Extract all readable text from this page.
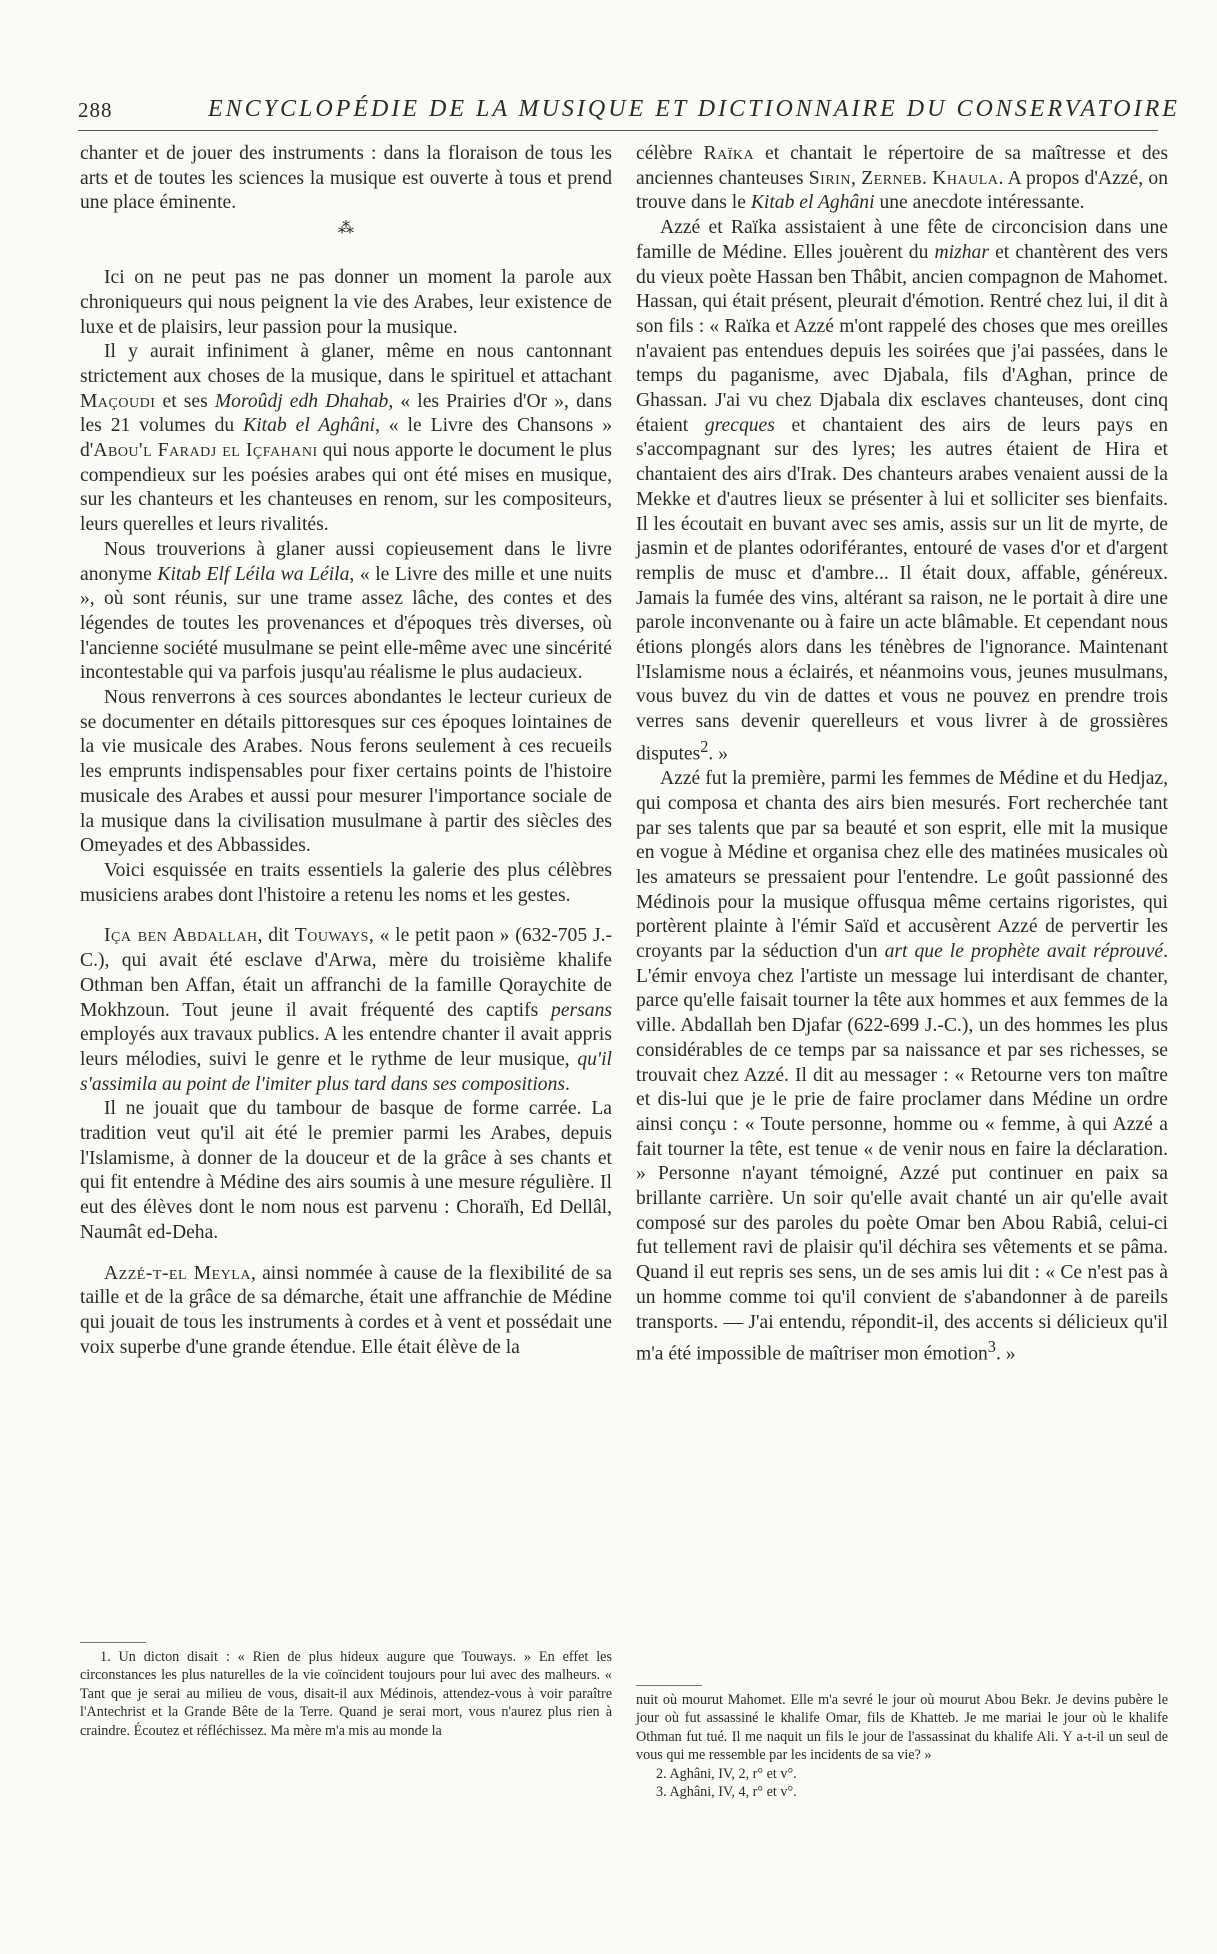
288	ENCYCLOPÉDIE DE LA MUSIQUE ET DICTIONNAIRE DU CONSERVATOIRE

chanter et de jouer des instruments : dans la floraison de tous les arts et de toutes les sciences la musique est ouverte à tous et prend une place éminente.

⁂

Ici on ne peut pas ne pas donner un moment la parole aux chroniqueurs qui nous peignent la vie des Arabes, leur existence de luxe et de plaisirs, leur passion pour la musique.

Il y aurait infiniment à glaner, même en nous cantonnant strictement aux choses de la musique, dans le spirituel et attachant Maçoudi et ses Moroûdj edh Dhahab, « les Prairies d'Or », dans les 21 volumes du Kitab el Aghâni, « le Livre des Chansons » d'Abou'l Faradj el Içfahani qui nous apporte le document le plus compendieux sur les poésies arabes qui ont été mises en musique, sur les chanteurs et les chanteuses en renom, sur les compositeurs, leurs querelles et leurs rivalités.

Nous trouverions à glaner aussi copieusement dans le livre anonyme Kitab Elf Léila wa Léila, « le Livre des mille et une nuits », où sont réunis, sur une trame assez lâche, des contes et des légendes de toutes les provenances et d'époques très diverses, où l'ancienne société musulmane se peint elle-même avec une sincérité incontestable qui va parfois jusqu'au réalisme le plus audacieux.

Nous renverrons à ces sources abondantes le lecteur curieux de se documenter en détails pittoresques sur ces époques lointaines de la vie musicale des Arabes. Nous ferons seulement à ces recueils les emprunts indispensables pour fixer certains points de l'histoire musicale des Arabes et aussi pour mesurer l'importance sociale de la musique dans la civilisation musulmane à partir des siècles des Omeyades et des Abbassides.

Voici esquissée en traits essentiels la galerie des plus célèbres musiciens arabes dont l'histoire a retenu les noms et les gestes.

Iça ben Abdallah, dit Touways, « le petit paon » (632-705 J.-C.), qui avait été esclave d'Arwa, mère du troisième khalife Othman ben Affan, était un affranchi de la famille Qoraychite de Mokhzoun. Tout jeune il avait fréquenté des captifs persans employés aux travaux publics. A les entendre chanter il avait appris leurs mélodies, suivi le genre et le rythme de leur musique, qu'il s'assimila au point de l'imiter plus tard dans ses compositions.

Il ne jouait que du tambour de basque de forme carrée. La tradition veut qu'il ait été le premier parmi les Arabes, depuis l'Islamisme, à donner de la douceur et de la grâce à ses chants et qui fit entendre à Médine des airs soumis à une mesure régulière. Il eut des élèves dont le nom nous est parvenu : Choraïh, Ed Dellâl, Naumât ed-Deha.

Azzé-t-el Meyla, ainsi nommée à cause de la flexibilité de sa taille et de la grâce de sa démarche, était une affranchie de Médine qui jouait de tous les instruments à cordes et à vent et possédait une voix superbe d'une grande étendue. Elle était élève de la

célèbre Raïka et chantait le répertoire de sa maîtresse et des anciennes chanteuses Sirin, Zerneb. Khaula. A propos d'Azzé, on trouve dans le Kitab el Aghâni une anecdote intéressante.

Azzé et Raïka assistaient à une fête de circoncision dans une famille de Médine. Elles jouèrent du mizhar et chantèrent des vers du vieux poète Hassan ben Thâbit, ancien compagnon de Mahomet. Hassan, qui était présent, pleurait d'émotion. Rentré chez lui, il dit à son fils : « Raïka et Azzé m'ont rappelé des choses que mes oreilles n'avaient pas entendues depuis les soirées que j'ai passées, dans le temps du paganisme, avec Djabala, fils d'Aghan, prince de Ghassan. J'ai vu chez Djabala dix esclaves chanteuses, dont cinq étaient grecques et chantaient des airs de leurs pays en s'accompagnant sur des lyres; les autres étaient de Hira et chantaient des airs d'Irak. Des chanteurs arabes venaient aussi de la Mekke et d'autres lieux se présenter à lui et solliciter ses bienfaits. Il les écoutait en buvant avec ses amis, assis sur un lit de myrte, de jasmin et de plantes odoriférantes, entouré de vases d'or et d'argent remplis de musc et d'ambre... Il était doux, affable, généreux. Jamais la fumée des vins, altérant sa raison, ne le portait à dire une parole inconvenante ou à faire un acte blâmable. Et cependant nous étions plongés alors dans les ténèbres de l'ignorance. Maintenant l'Islamisme nous a éclairés, et néanmoins vous, jeunes musulmans, vous buvez du vin de dattes et vous ne pouvez en prendre trois verres sans devenir querelleurs et vous livrer à de grossières disputes$^2$. »

Azzé fut la première, parmi les femmes de Médine et du Hedjaz, qui composa et chanta des airs bien mesurés. Fort recherchée tant par ses talents que par sa beauté et son esprit, elle mit la musique en vogue à Médine et organisa chez elle des matinées musicales où les amateurs se pressaient pour l'entendre. Le goût passionné des Médinois pour la musique offusqua même certains rigoristes, qui portèrent plainte à l'émir Saïd et accusèrent Azzé de pervertir les croyants par la séduction d'un art que le prophète avait réprouvé. L'émir envoya chez l'artiste un message lui interdisant de chanter, parce qu'elle faisait tourner la tête aux hommes et aux femmes de la ville. Abdallah ben Djafar (622-699 J.-C.), un des hommes les plus considérables de ce temps par sa naissance et par ses richesses, se trouvait chez Azzé. Il dit au messager : « Retourne vers ton maître et dis-lui que je le prie de faire proclamer dans Médine un ordre ainsi conçu : « Toute personne, homme ou « femme, à qui Azzé a fait tourner la tête, est tenue « de venir nous en faire la déclaration. » Personne n'ayant témoigné, Azzé put continuer en paix sa brillante carrière. Un soir qu'elle avait chanté un air qu'elle avait composé sur des paroles du poète Omar ben Abou Rabiâ, celui-ci fut tellement ravi de plaisir qu'il déchira ses vêtements et se pâma. Quand il eut repris ses sens, un de ses amis lui dit : « Ce n'est pas à un homme comme toi qu'il convient de s'abandonner à de pareils transports. — J'ai entendu, répondit-il, des accents si délicieux qu'il m'a été impossible de maîtriser mon émotion$^3$. »

1. Un dicton disait : « Rien de plus hideux augure que Touways. » En effet les circonstances les plus naturelles de la vie coïncident toujours pour lui avec des malheurs. « Tant que je serai au milieu de vous, disait-il aux Médinois, attendez-vous à voir paraître l'Antechrist et la Grande Bête de la Terre. Quand je serai mort, vous n'aurez plus rien à craindre. Écoutez et réfléchissez. Ma mère m'a mis au monde la

nuit où mourut Mahomet. Elle m'a sevré le jour où mourut Abou Bekr. Je devins pubère le jour où fut assassiné le khalife Omar, fils de Khatteb. Je me mariai le jour où le khalife Othman fut tué. Il me naquit un fils le jour de l'assassinat du khalife Ali. Y a-t-il un seul de vous qui me ressemble par les incidents de sa vie? »

2. Aghâni, IV, 2, r° et v°.

3. Aghâni, IV, 4, r° et v°.
